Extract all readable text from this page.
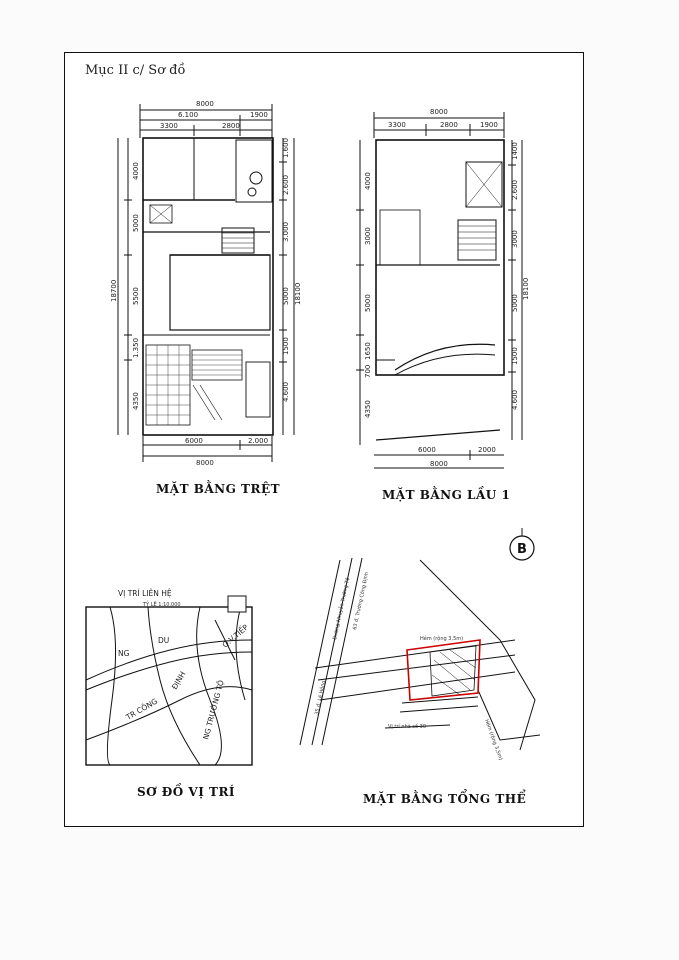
Mục II c/ Sơ đồ
8000
6.100	1900
3300	2800
4000
5000
5500
1.350
4350
18700
1.600
2.600
3.000
5000
1500
4.600
18100
6000	2.000
8000
8000
3300	2800	1900
4000
3000
5000
1650
700
4350
1400
2.600
3000
5000
1500
4.600
18100
6000	2000
8000
B
VỊ TRÍ LIÊN HỆ
TỶ LỆ 1:10.000
NG
DU	Q.V.TIẾP
TR CÔNG
ĐỊNH NG TRƯỜNG TỘ
Đường Nhuyễn Trường Tộ 63 đ. Trường Công Định
35 đ. Lê Hồng
Hẻm (rộng 3,5m)
Hẻm (rộng 3,5m)
Vị trí nhà số 30
MẶT BẰNG TRỆT	MẶT BẰNG LẦU 1
SƠ ĐỒ VỊ TRÍ	MẶT BẰNG TỔNG THỂ
